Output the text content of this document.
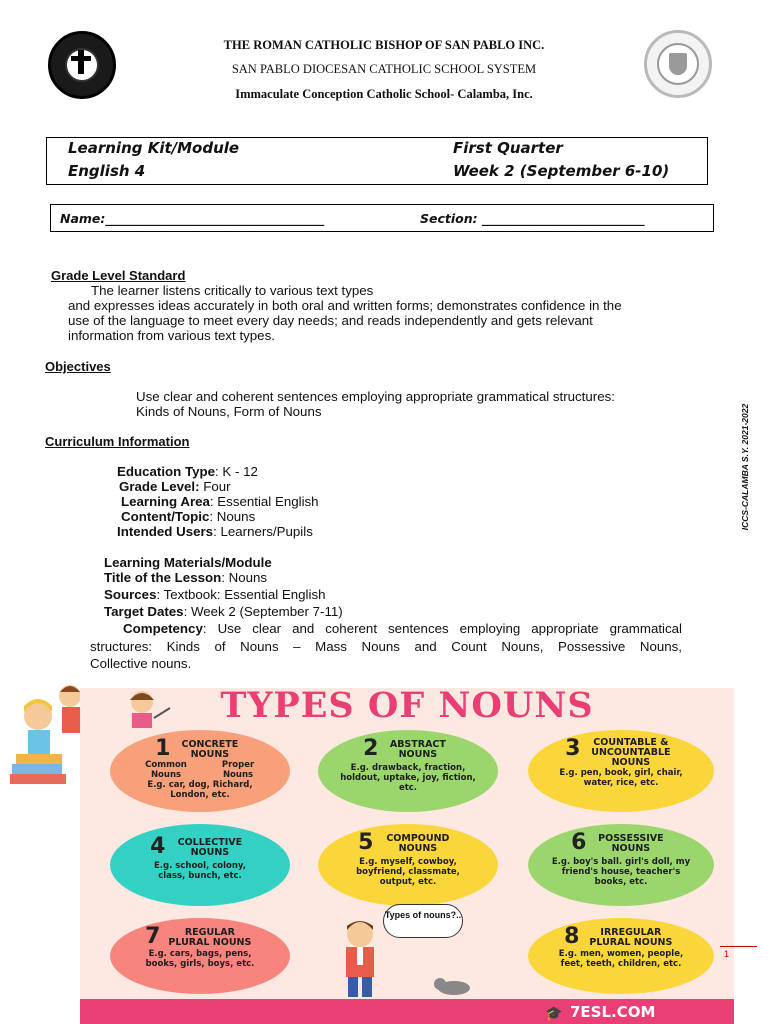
THE ROMAN CATHOLIC BISHOP OF SAN PABLO INC.
SAN PABLO DIOCESAN CATHOLIC SCHOOL SYSTEM
Immaculate Conception Catholic School- Calamba, Inc.
Learning Kit/Module
English 4
First Quarter
Week 2 (September 6-10)
Name:___________________________________	Section: __________________________
Grade Level Standard
The learner listens critically to various text types
and expresses ideas accurately in both oral and written forms; demonstrates confidence in the
use of the language to meet every day needs; and reads independently and gets relevant
information from various text types.
Objectives
Use clear and coherent sentences employing appropriate grammatical structures:
Kinds of Nouns, Form of Nouns
Curriculum Information
Education Type: K - 12
Grade Level: Four
Learning Area: Essential English
Content/Topic: Nouns
Intended Users: Learners/Pupils
Learning Materials/Module
Title of the Lesson: Nouns
Sources: Textbook: Essential English
Target Dates: Week 2 (September 7-11)
Competency: Use clear and coherent sentences employing appropriate grammatical
structures: Kinds of Nouns – Mass Nouns and Count Nouns, Possessive Nouns,
Collective nouns.
ICCS-CALAMBA S.Y. 2021-2022
TYPES OF NOUNS
1 CONCRETE NOUNS
Common Nouns
Proper Nouns
E.g. car, dog, Richard, London, etc.
2 ABSTRACT NOUNS
E.g. drawback, fraction, holdout, uptake, joy, fiction, etc.
3 COUNTABLE & UNCOUNTABLE NOUNS
E.g. pen, book, girl, chair, water, rice, etc.
4 COLLECTIVE NOUNS
E.g. school, colony, class, bunch, etc.
5 COMPOUND NOUNS
E.g. myself, cowboy, boyfriend, classmate, output, etc.
6 POSSESSIVE NOUNS
E.g. boy's ball. girl's doll, my friend's house, teacher's books, etc.
7	REGULAR PLURAL NOUNS
E.g. cars, bags, pens, books, girls, boys, etc.
8 IRREGULAR PLURAL NOUNS
E.g. men, women, people, feet, teeth, children, etc.
Types of nouns?..
🎓 7ESL.COM
1
